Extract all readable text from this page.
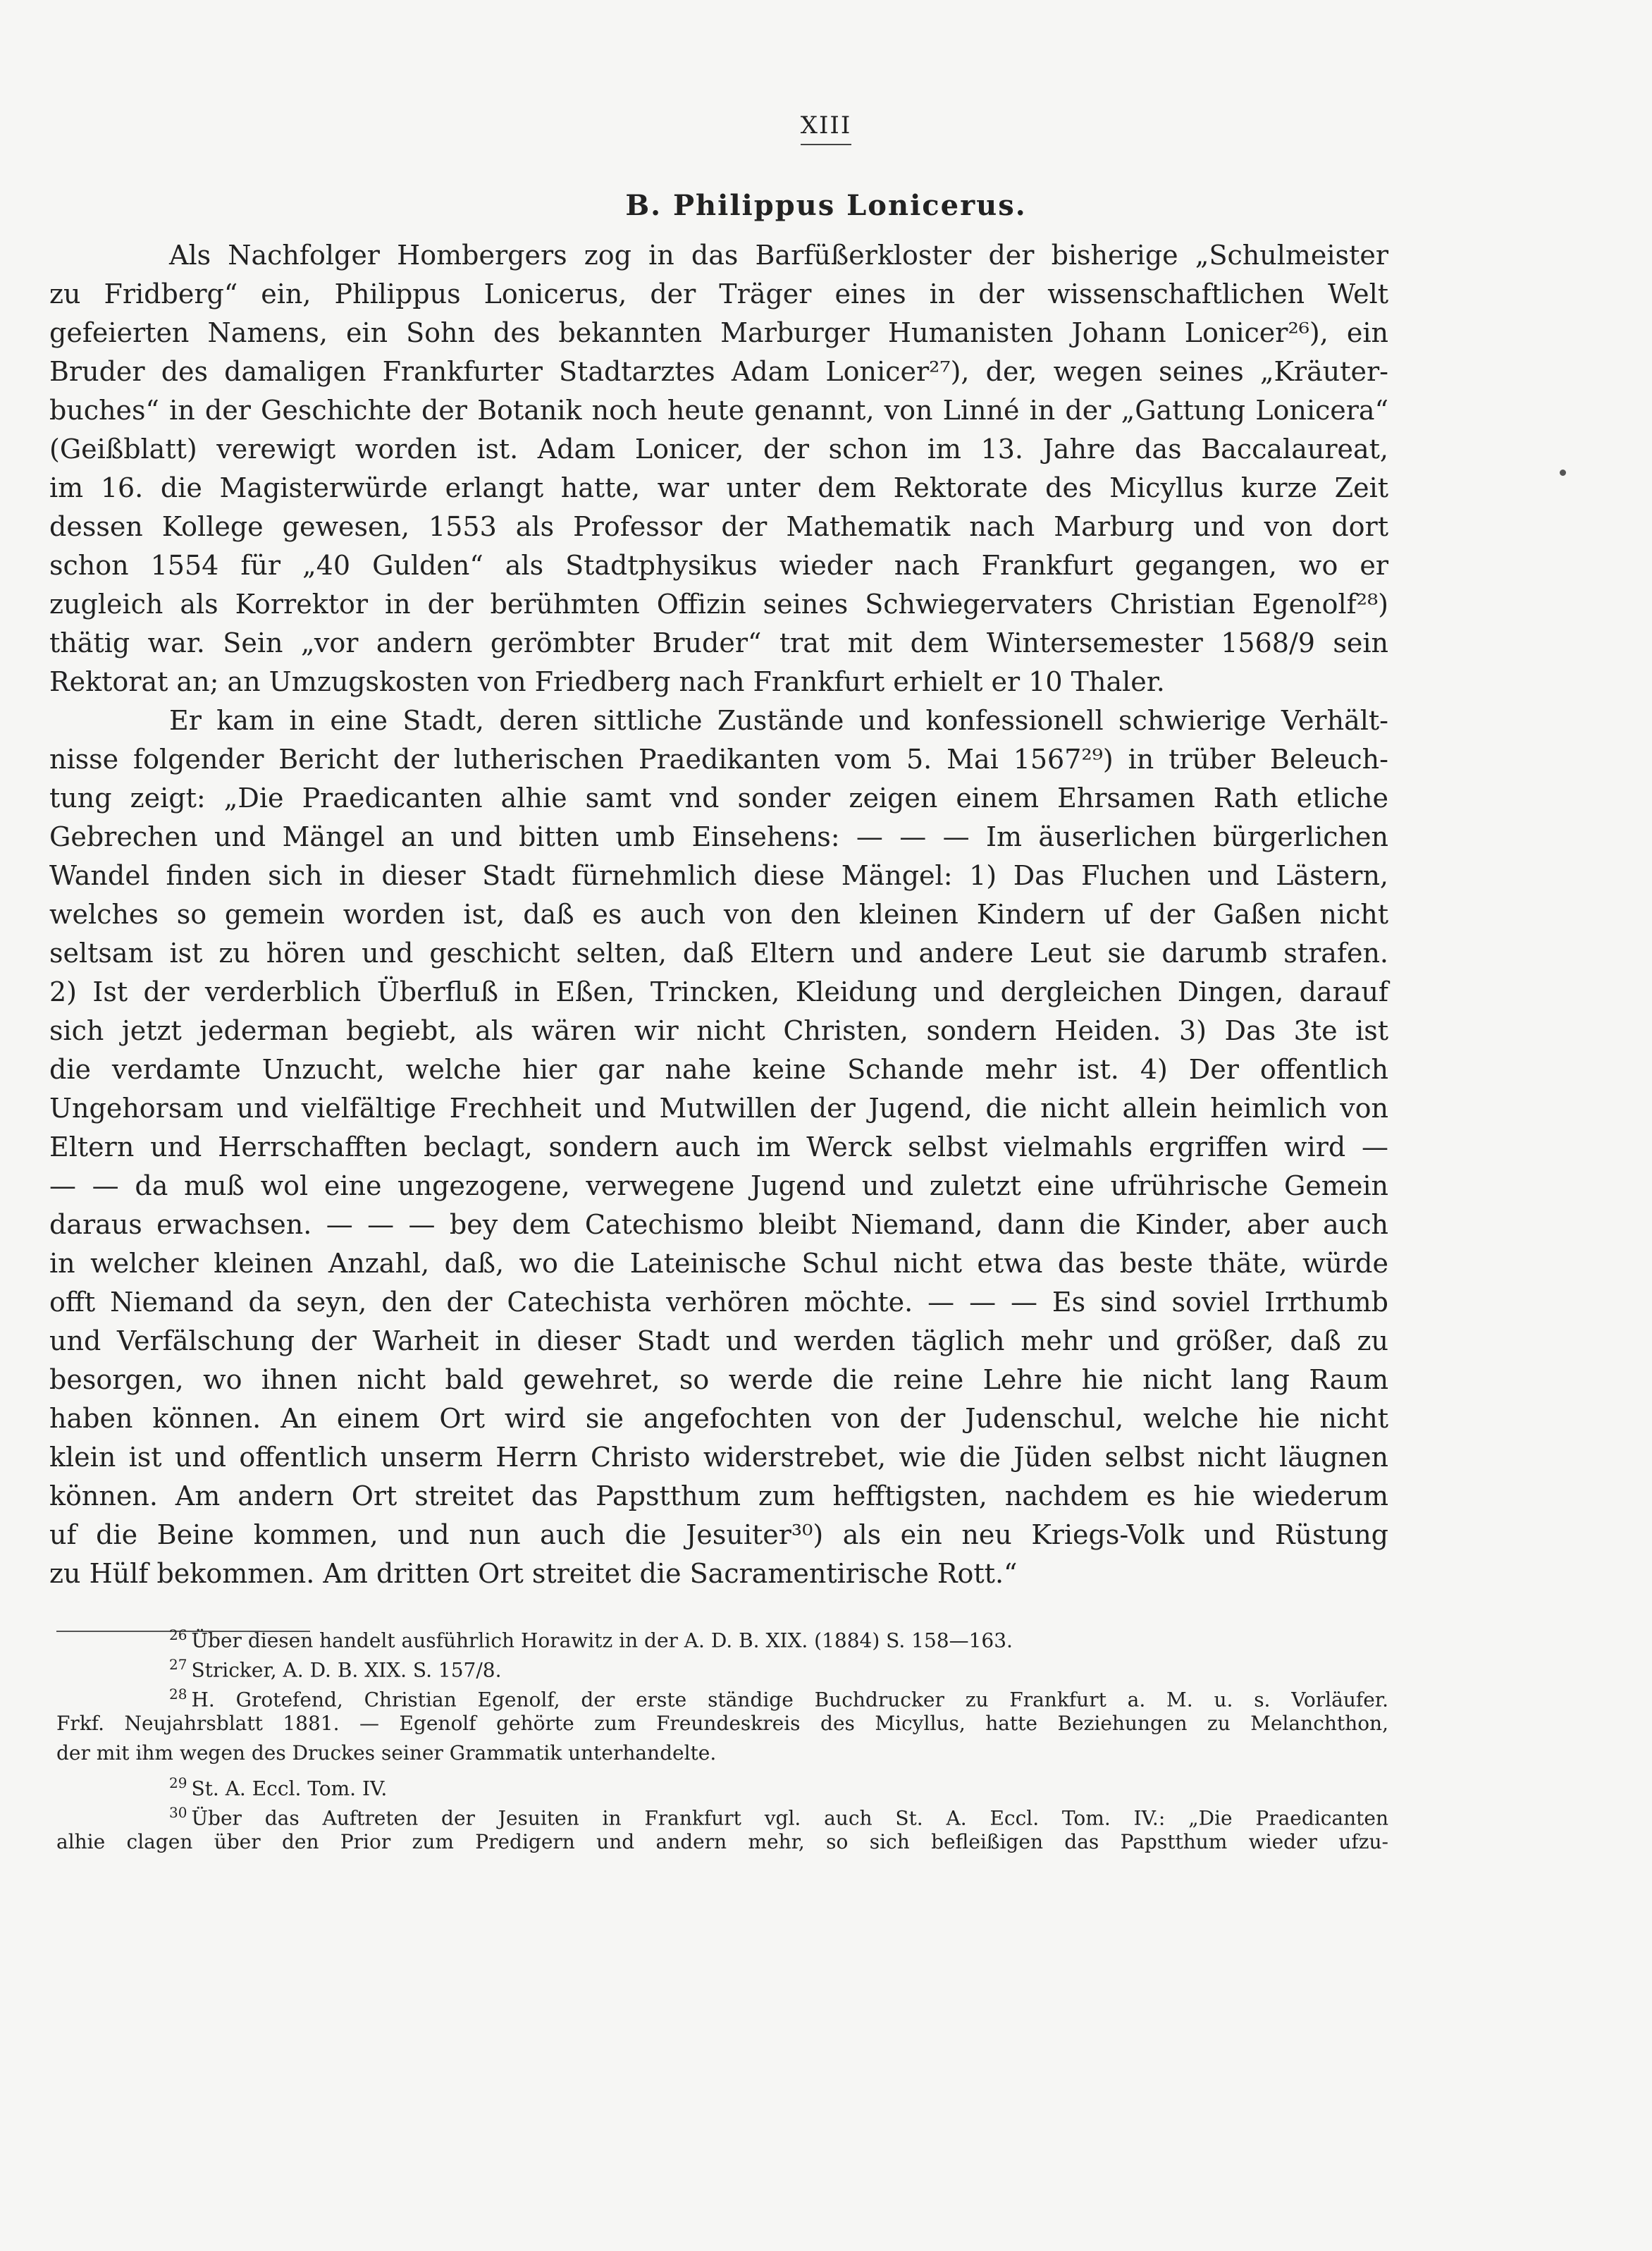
XIII
B. Philippus Lonicerus.
Als Nachfolger Hombergers zog in das Barfüßerkloster der bisherige „Schulmeister
zu Fridberg“ ein, Philippus Lonicerus, der Träger eines in der wissenschaftlichen Welt
gefeierten Namens, ein Sohn des bekannten Marburger Humanisten Johann Lonicer²⁶), ein
Bruder des damaligen Frankfurter Stadtarztes Adam Lonicer²⁷), der, wegen seines „Kräuter-
buches“ in der Geschichte der Botanik noch heute genannt, von Linné in der „Gattung Lonicera“
(Geißblatt) verewigt worden ist. Adam Lonicer, der schon im 13. Jahre das Baccalaureat,
im 16. die Magisterwürde erlangt hatte, war unter dem Rektorate des Micyllus kurze Zeit
dessen Kollege gewesen, 1553 als Professor der Mathematik nach Marburg und von dort
schon 1554 für „40 Gulden“ als Stadtphysikus wieder nach Frankfurt gegangen, wo er
zugleich als Korrektor in der berühmten Offizin seines Schwiegervaters Christian Egenolf²⁸)
thätig war. Sein „vor andern gerömbter Bruder“ trat mit dem Wintersemester 1568/9 sein
Rektorat an; an Umzugskosten von Friedberg nach Frankfurt erhielt er 10 Thaler.
Er kam in eine Stadt, deren sittliche Zustände und konfessionell schwierige Verhält-
nisse folgender Bericht der lutherischen Praedikanten vom 5. Mai 1567²⁹) in trüber Beleuch-
tung zeigt: „Die Praedicanten alhie samt vnd sonder zeigen einem Ehrsamen Rath etliche
Gebrechen und Mängel an und bitten umb Einsehens: — — — Im äuserlichen bürgerlichen
Wandel finden sich in dieser Stadt fürnehmlich diese Mängel: 1) Das Fluchen und Lästern,
welches so gemein worden ist, daß es auch von den kleinen Kindern uf der Gaßen nicht
seltsam ist zu hören und geschicht selten, daß Eltern und andere Leut sie darumb strafen.
2) Ist der verderblich Überfluß in Eßen, Trincken, Kleidung und dergleichen Dingen, darauf
sich jetzt jederman begiebt, als wären wir nicht Christen, sondern Heiden. 3) Das 3te ist
die verdamte Unzucht, welche hier gar nahe keine Schande mehr ist. 4) Der offentlich
Ungehorsam und vielfältige Frechheit und Mutwillen der Jugend, die nicht allein heimlich von
Eltern und Herrschafften beclagt, sondern auch im Werck selbst vielmahls ergriffen wird —
— — da muß wol eine ungezogene, verwegene Jugend und zuletzt eine ufrührische Gemein
daraus erwachsen. — — — bey dem Catechismo bleibt Niemand, dann die Kinder, aber auch
in welcher kleinen Anzahl, daß, wo die Lateinische Schul nicht etwa das beste thäte, würde
offt Niemand da seyn, den der Catechista verhören möchte. — — — Es sind soviel Irrthumb
und Verfälschung der Warheit in dieser Stadt und werden täglich mehr und größer, daß zu
besorgen, wo ihnen nicht bald gewehret, so werde die reine Lehre hie nicht lang Raum
haben können. An einem Ort wird sie angefochten von der Judenschul, welche hie nicht
klein ist und offentlich unserm Herrn Christo widerstrebet, wie die Jüden selbst nicht läugnen
können. Am andern Ort streitet das Papstthum zum hefftigsten, nachdem es hie wiederum
uf die Beine kommen, und nun auch die Jesuiter³⁰) als ein neu Kriegs-Volk und Rüstung
zu Hülf bekommen. Am dritten Ort streitet die Sacramentirische Rott.“
$^{26}$ Über diesen handelt ausführlich Horawitz in der A. D. B. XIX. (1884) S. 158—163.
$^{27}$ Stricker, A. D. B. XIX. S. 157/8.
$^{28}$ H. Grotefend, Christian Egenolf, der erste ständige Buchdrucker zu Frankfurt a. M. u. s. Vorläufer.
Frkf. Neujahrsblatt 1881. — Egenolf gehörte zum Freundeskreis des Micyllus, hatte Beziehungen zu Melanchthon,
der mit ihm wegen des Druckes seiner Grammatik unterhandelte.
$^{29}$ St. A. Eccl. Tom. IV.
$^{30}$ Über das Auftreten der Jesuiten in Frankfurt vgl. auch St. A. Eccl. Tom. IV.: „Die Praedicanten
alhie clagen über den Prior zum Predigern und andern mehr, so sich befleißigen das Papstthum wieder ufzu-
